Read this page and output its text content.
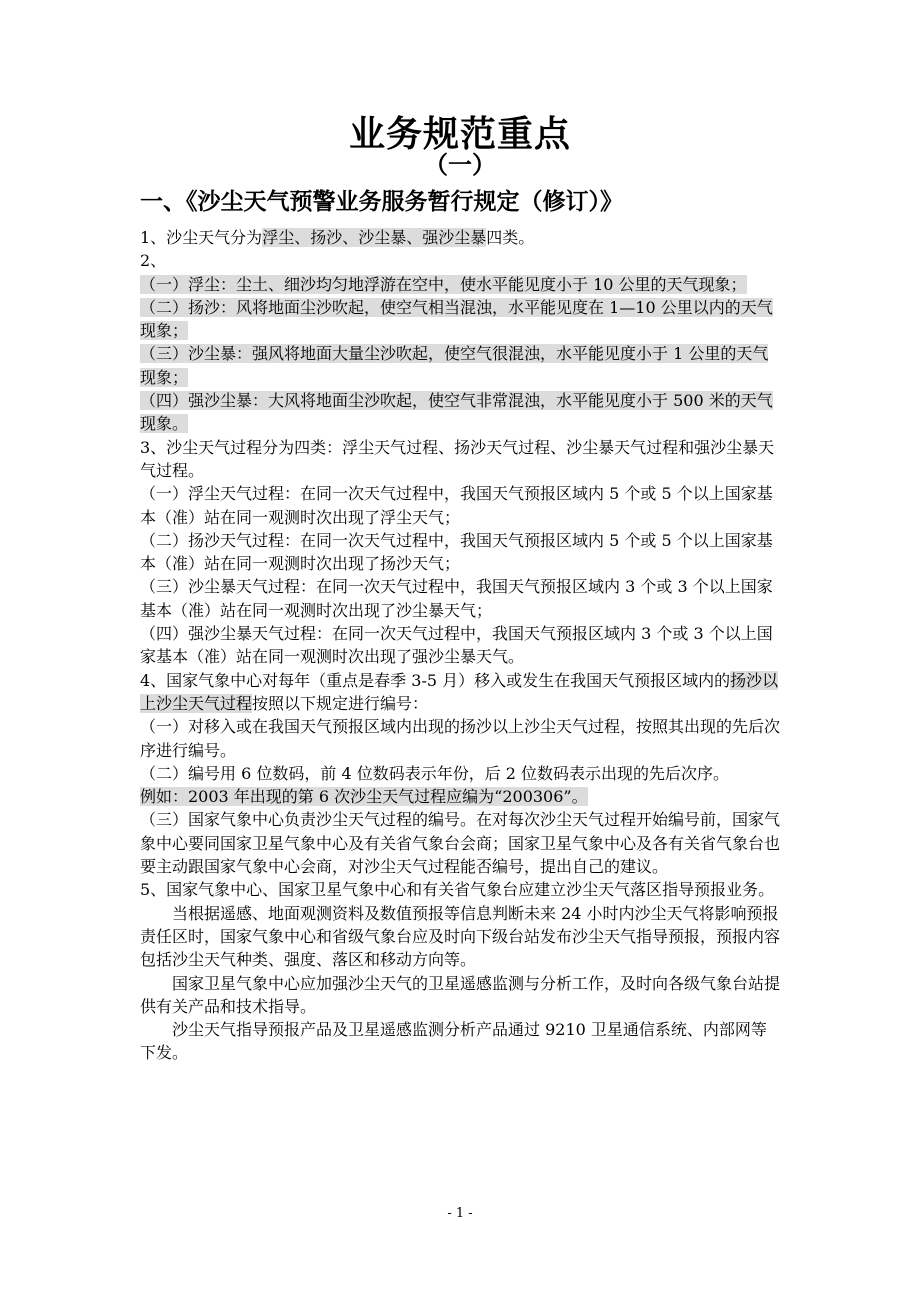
业务规范重点
（一）
一、《沙尘天气预警业务服务暂行规定（修订）》

1、沙尘天气分为浮尘、扬沙、沙尘暴、强沙尘暴四类。

2、

（一）浮尘：尘土、细沙均匀地浮游在空中，使水平能见度小于 10 公里的天气现象；

（二）扬沙：风将地面尘沙吹起，使空气相当混浊，水平能见度在 1—10 公里以内的天气现象；

（三）沙尘暴：强风将地面大量尘沙吹起，使空气很混浊，水平能见度小于 1 公里的天气现象；

（四）强沙尘暴：大风将地面尘沙吹起，使空气非常混浊，水平能见度小于 500 米的天气现象。

3、沙尘天气过程分为四类：浮尘天气过程、扬沙天气过程、沙尘暴天气过程和强沙尘暴天气过程。

（一）浮尘天气过程：在同一次天气过程中，我国天气预报区域内 5 个或 5 个以上国家基本（准）站在同一观测时次出现了浮尘天气；

（二）扬沙天气过程：在同一次天气过程中，我国天气预报区域内 5 个或 5 个以上国家基本（准）站在同一观测时次出现了扬沙天气；

（三）沙尘暴天气过程：在同一次天气过程中，我国天气预报区域内 3 个或 3 个以上国家基本（准）站在同一观测时次出现了沙尘暴天气；

（四）强沙尘暴天气过程：在同一次天气过程中，我国天气预报区域内 3 个或 3 个以上国家基本（准）站在同一观测时次出现了强沙尘暴天气。

4、国家气象中心对每年（重点是春季 3-5 月）移入或发生在我国天气预报区域内的扬沙以上沙尘天气过程按照以下规定进行编号：

（一）对移入或在我国天气预报区域内出现的扬沙以上沙尘天气过程，按照其出现的先后次序进行编号。

（二）编号用 6 位数码，前 4 位数码表示年份，后 2 位数码表示出现的先后次序。

例如：2003 年出现的第 6 次沙尘天气过程应编为“200306”。

（三）国家气象中心负责沙尘天气过程的编号。在对每次沙尘天气过程开始编号前，国家气象中心要同国家卫星气象中心及有关省气象台会商；国家卫星气象中心及各有关省气象台也要主动跟国家气象中心会商，对沙尘天气过程能否编号，提出自己的建议。

5、国家气象中心、国家卫星气象中心和有关省气象台应建立沙尘天气落区指导预报业务。

当根据遥感、地面观测资料及数值预报等信息判断未来 24 小时内沙尘天气将影响预报责任区时，国家气象中心和省级气象台应及时向下级台站发布沙尘天气指导预报，预报内容包括沙尘天气种类、强度、落区和移动方向等。

国家卫星气象中心应加强沙尘天气的卫星遥感监测与分析工作，及时向各级气象台站提供有关产品和技术指导。

沙尘天气指导预报产品及卫星遥感监测分析产品通过 9210 卫星通信系统、内部网等下发。

- 1 -
